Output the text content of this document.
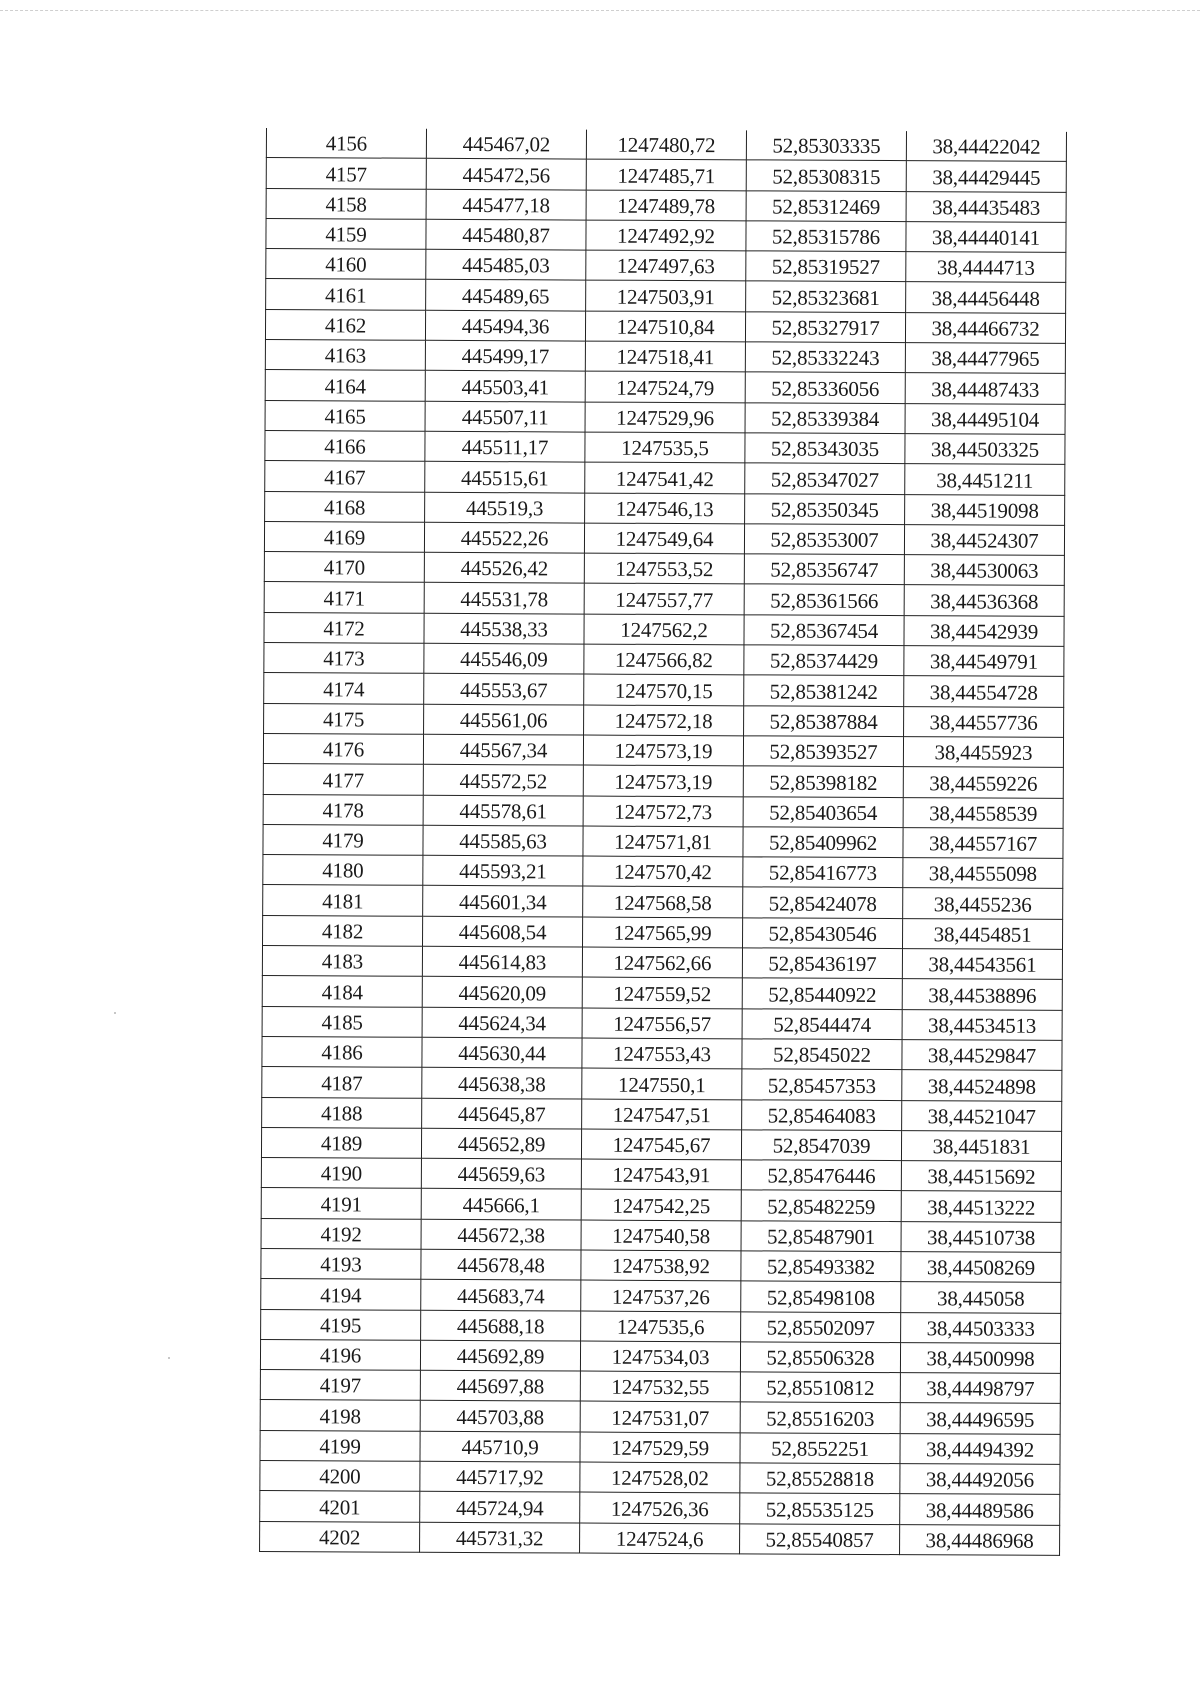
4156	445467,02	1247480,72	52,85303335	38,44422042
4157	445472,56	1247485,71	52,85308315	38,44429445
4158	445477,18	1247489,78	52,85312469	38,44435483
4159	445480,87	1247492,92	52,85315786	38,44440141
4160	445485,03	1247497,63	52,85319527	38,4444713
4161	445489,65	1247503,91	52,85323681	38,44456448
4162	445494,36	1247510,84	52,85327917	38,44466732
4163	445499,17	1247518,41	52,85332243	38,44477965
4164	445503,41	1247524,79	52,85336056	38,44487433
4165	445507,11	1247529,96	52,85339384	38,44495104
4166	445511,17	1247535,5	52,85343035	38,44503325
4167	445515,61	1247541,42	52,85347027	38,4451211
4168	445519,3	1247546,13	52,85350345	38,44519098
4169	445522,26	1247549,64	52,85353007	38,44524307
4170	445526,42	1247553,52	52,85356747	38,44530063
4171	445531,78	1247557,77	52,85361566	38,44536368
4172	445538,33	1247562,2	52,85367454	38,44542939
4173	445546,09	1247566,82	52,85374429	38,44549791
4174	445553,67	1247570,15	52,85381242	38,44554728
4175	445561,06	1247572,18	52,85387884	38,44557736
4176	445567,34	1247573,19	52,85393527	38,4455923
4177	445572,52	1247573,19	52,85398182	38,44559226
4178	445578,61	1247572,73	52,85403654	38,44558539
4179	445585,63	1247571,81	52,85409962	38,44557167
4180	445593,21	1247570,42	52,85416773	38,44555098
4181	445601,34	1247568,58	52,85424078	38,4455236
4182	445608,54	1247565,99	52,85430546	38,4454851
4183	445614,83	1247562,66	52,85436197	38,44543561
4184	445620,09	1247559,52	52,85440922	38,44538896
4185	445624,34	1247556,57	52,8544474	38,44534513
4186	445630,44	1247553,43	52,8545022	38,44529847
4187	445638,38	1247550,1	52,85457353	38,44524898
4188	445645,87	1247547,51	52,85464083	38,44521047
4189	445652,89	1247545,67	52,8547039	38,4451831
4190	445659,63	1247543,91	52,85476446	38,44515692
4191	445666,1	1247542,25	52,85482259	38,44513222
4192	445672,38	1247540,58	52,85487901	38,44510738
4193	445678,48	1247538,92	52,85493382	38,44508269
4194	445683,74	1247537,26	52,85498108	38,445058
4195	445688,18	1247535,6	52,85502097	38,44503333
4196	445692,89	1247534,03	52,85506328	38,44500998
4197	445697,88	1247532,55	52,85510812	38,44498797
4198	445703,88	1247531,07	52,85516203	38,44496595
4199	445710,9	1247529,59	52,8552251	38,44494392
4200	445717,92	1247528,02	52,85528818	38,44492056
4201	445724,94	1247526,36	52,85535125	38,44489586
4202	445731,32	1247524,6	52,85540857	38,44486968
